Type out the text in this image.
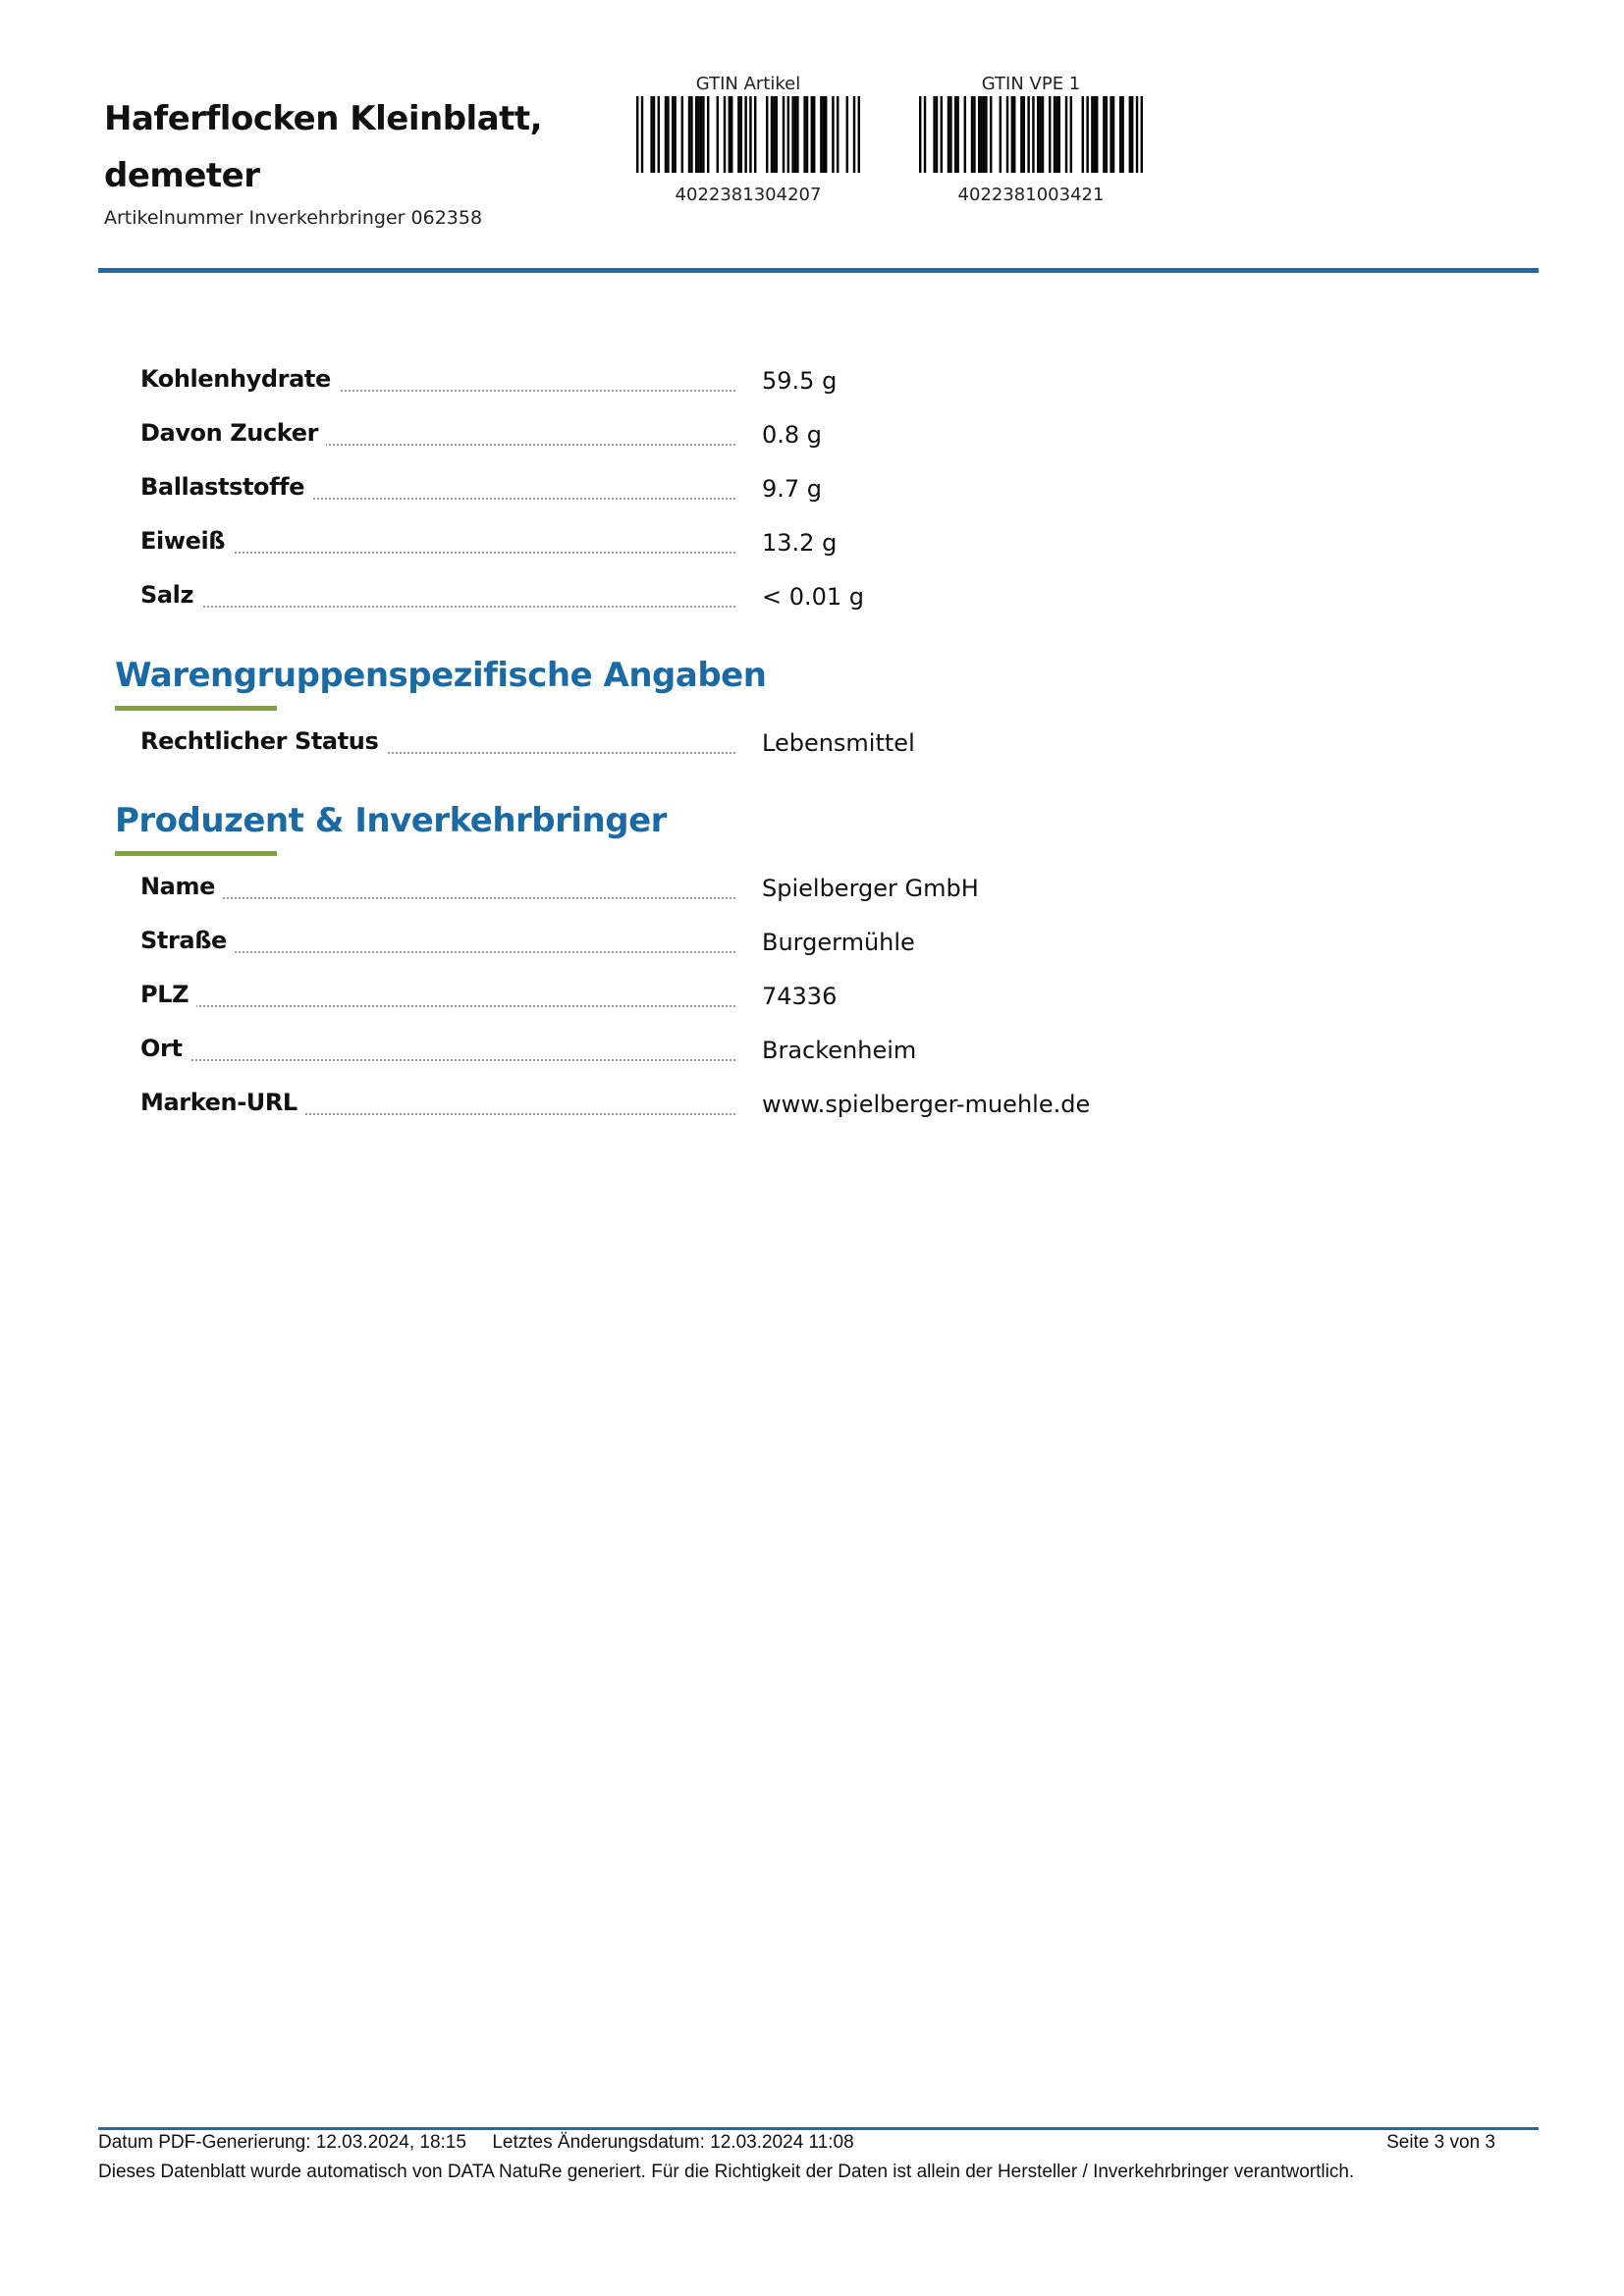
Haferflocken Kleinblatt,
demeter
Artikelnummer Inverkehrbringer 062358
GTIN Artikel
4022381304207
GTIN VPE 1
4022381003421
Kohlenhydrate	59.5 g
Davon Zucker	0.8 g
Ballaststoffe	9.7 g
Eiweiß	13.2 g
Salz	< 0.01 g
Warengruppenspezifische Angaben
Rechtlicher Status	Lebensmittel
Produzent & Inverkehrbringer
Name	Spielberger GmbH
Straße	Burgermühle
PLZ	74336
Ort	Brackenheim
Marken-URL	www.spielberger-muehle.de
Datum PDF-Generierung: 12.03.2024, 18:15 Letztes Änderungsdatum: 12.03.2024 11:08	Seite 3 von 3
Dieses Datenblatt wurde automatisch von DATA NatuRe generiert. Für die Richtigkeit der Daten ist allein der Hersteller / Inverkehrbringer verantwortlich.
